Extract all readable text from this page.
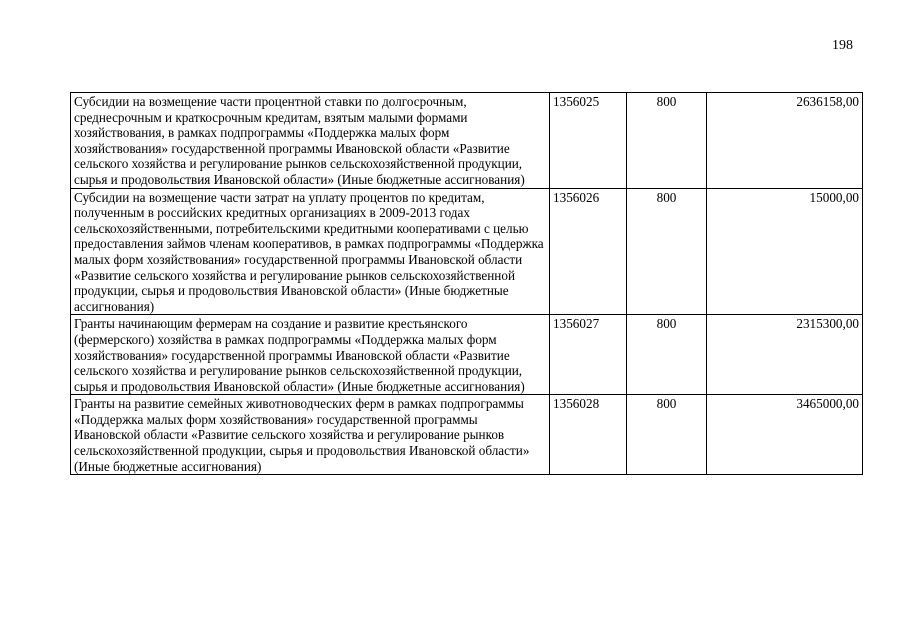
198
Субсидии на возмещение части процентной ставки по долгосрочным, среднесрочным и краткосрочным кредитам, взятым малыми формами хозяйствования, в рамках подпрограммы «Поддержка малых форм хозяйствования» государственной программы Ивановской области «Развитие сельского хозяйства и регулирование рынков сельскохозяйственной продукции, сырья и продовольствия Ивановской области» (Иные бюджетные ассигнования)	1356025	800	2636158,00
Субсидии на возмещение части затрат на уплату процентов по кредитам, полученным в российских кредитных организациях в 2009-2013 годах сельскохозяйственными, потребительскими кредитными кооперативами с целью предоставления займов членам кооперативов, в рамках подпрограммы «Поддержка малых форм хозяйствования» государственной программы Ивановской области «Развитие сельского хозяйства и регулирование рынков сельскохозяйственной продукции, сырья и продовольствия Ивановской области» (Иные бюджетные ассигнования)	1356026	800	15000,00
Гранты начинающим фермерам на создание и развитие крестьянского (фермерского) хозяйства в рамках подпрограммы «Поддержка малых форм хозяйствования» государственной программы Ивановской области «Развитие сельского хозяйства и регулирование рынков сельскохозяйственной продукции, сырья и продовольствия Ивановской области» (Иные бюджетные ассигнования)	1356027	800	2315300,00
Гранты на развитие семейных животноводческих ферм в рамках подпрограммы «Поддержка малых форм хозяйствования» государственной программы Ивановской области «Развитие сельского хозяйства и регулирование рынков сельскохозяйственной продукции, сырья и продовольствия Ивановской области» (Иные бюджетные ассигнования)	1356028	800	3465000,00
